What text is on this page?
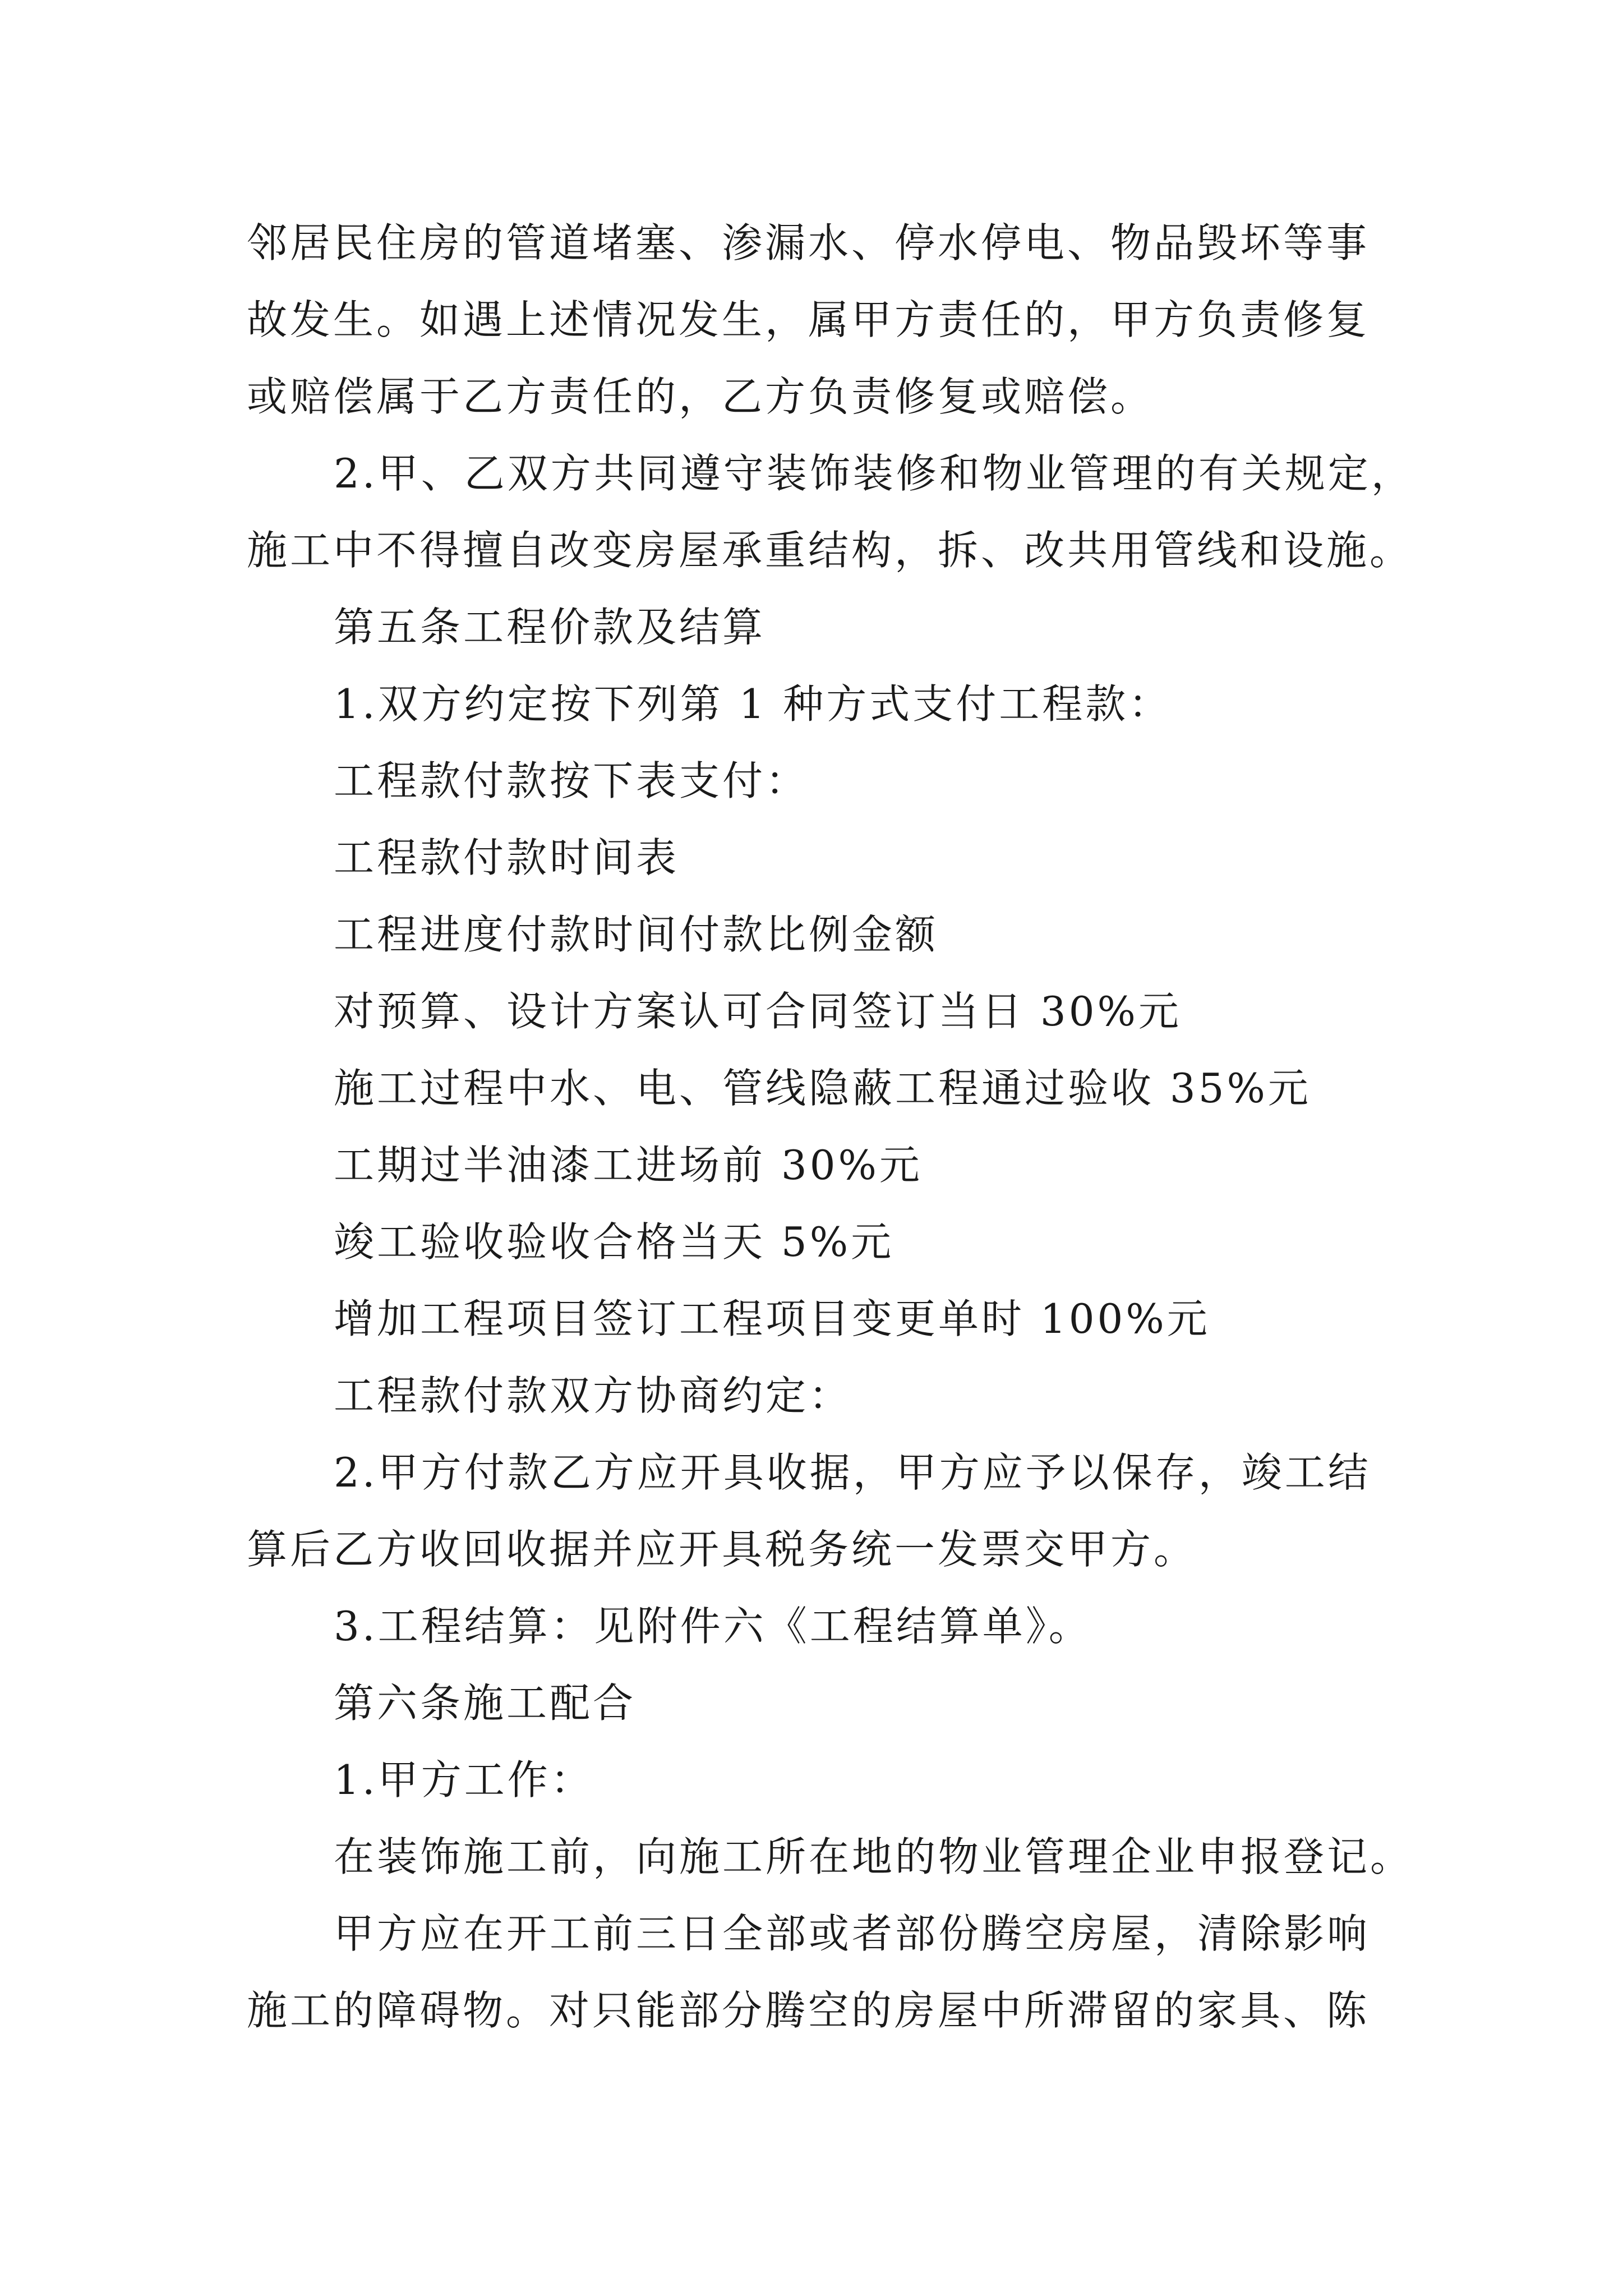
邻居民住房的管道堵塞、渗漏水、停水停电、物品毁坏等事
故发生。如遇上述情况发生，属甲方责任的，甲方负责修复
或赔偿属于乙方责任的，乙方负责修复或赔偿。
2.甲、乙双方共同遵守装饰装修和物业管理的有关规定，
施工中不得擅自改变房屋承重结构，拆、改共用管线和设施。
第五条工程价款及结算
1.双方约定按下列第 1 种方式支付工程款：
工程款付款按下表支付：
工程款付款时间表
工程进度付款时间付款比例金额
对预算、设计方案认可合同签订当日 30%元
施工过程中水、电、管线隐蔽工程通过验收 35%元
工期过半油漆工进场前 30%元
竣工验收验收合格当天 5%元
增加工程项目签订工程项目变更单时 100%元
工程款付款双方协商约定：
2.甲方付款乙方应开具收据，甲方应予以保存，竣工结
算后乙方收回收据并应开具税务统一发票交甲方。
3.工程结算：见附件六《工程结算单》。
第六条施工配合
1.甲方工作：
在装饰施工前，向施工所在地的物业管理企业申报登记。
甲方应在开工前三日全部或者部份腾空房屋，清除影响
施工的障碍物。对只能部分腾空的房屋中所滞留的家具、陈
